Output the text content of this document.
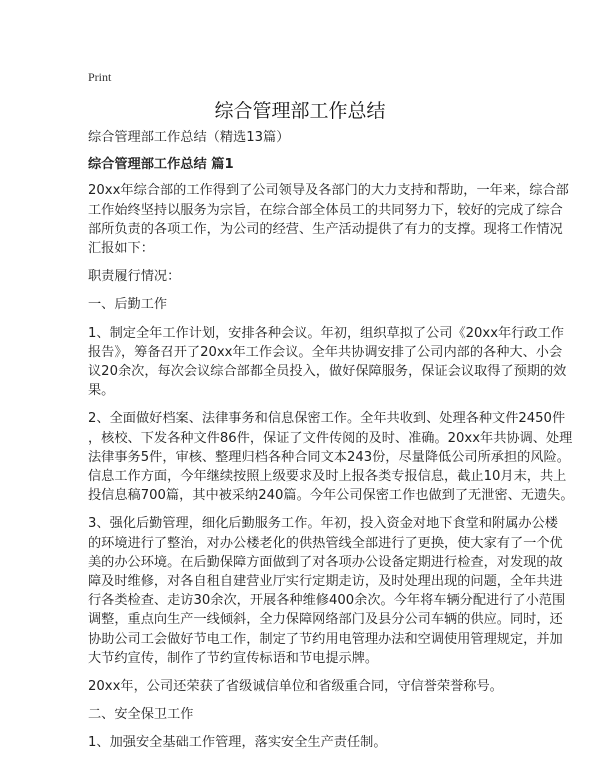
Print
综合管理部工作总结

综合管理部工作总结（精选13篇）

综合管理部工作总结 篇1

20xx年综合部的工作得到了公司领导及各部门的大力支持和帮助，一年来，综合部
工作始终坚持以服务为宗旨，在综合部全体员工的共同努力下，较好的完成了综合
部所负责的各项工作，为公司的经营、生产活动提供了有力的支撑。现将工作情况
汇报如下：

职责履行情况：

一、后勤工作

1、制定全年工作计划，安排各种会议。年初，组织草拟了公司《20xx年行政工作
报告》，筹备召开了20xx年工作会议。全年共协调安排了公司内部的各种大、小会
议20余次，每次会议综合部都全员投入，做好保障服务，保证会议取得了预期的效
果。

2、全面做好档案、法律事务和信息保密工作。全年共收到、处理各种文件2450件
，核校、下发各种文件86件，保证了文件传阅的及时、准确。20xx年共协调、处理
法律事务5件，审核、整理归档各种合同文本243份，尽量降低公司所承担的风险。
信息工作方面，今年继续按照上级要求及时上报各类专报信息，截止10月末，共上
投信息稿700篇，其中被采纳240篇。今年公司保密工作也做到了无泄密、无遗失。

3、强化后勤管理，细化后勤服务工作。年初，投入资金对地下食堂和附属办公楼
的环境进行了整治，对办公楼老化的供热管线全部进行了更换，使大家有了一个优
美的办公环境。在后勤保障方面做到了对各项办公设备定期进行检查，对发现的故
障及时维修，对各自租自建营业厅实行定期走访，及时处理出现的问题，全年共进
行各类检查、走访30余次，开展各种维修400余次。今年将车辆分配进行了小范围
调整，重点向生产一线倾斜，全力保障网络部门及县分公司车辆的供应。同时，还
协助公司工会做好节电工作，制定了节约用电管理办法和空调使用管理规定，并加
大节约宣传，制作了节约宣传标语和节电提示牌。

20xx年，公司还荣获了省级诚信单位和省级重合同，守信誉荣誉称号。

二、安全保卫工作

1、加强安全基础工作管理，落实安全生产责任制。
